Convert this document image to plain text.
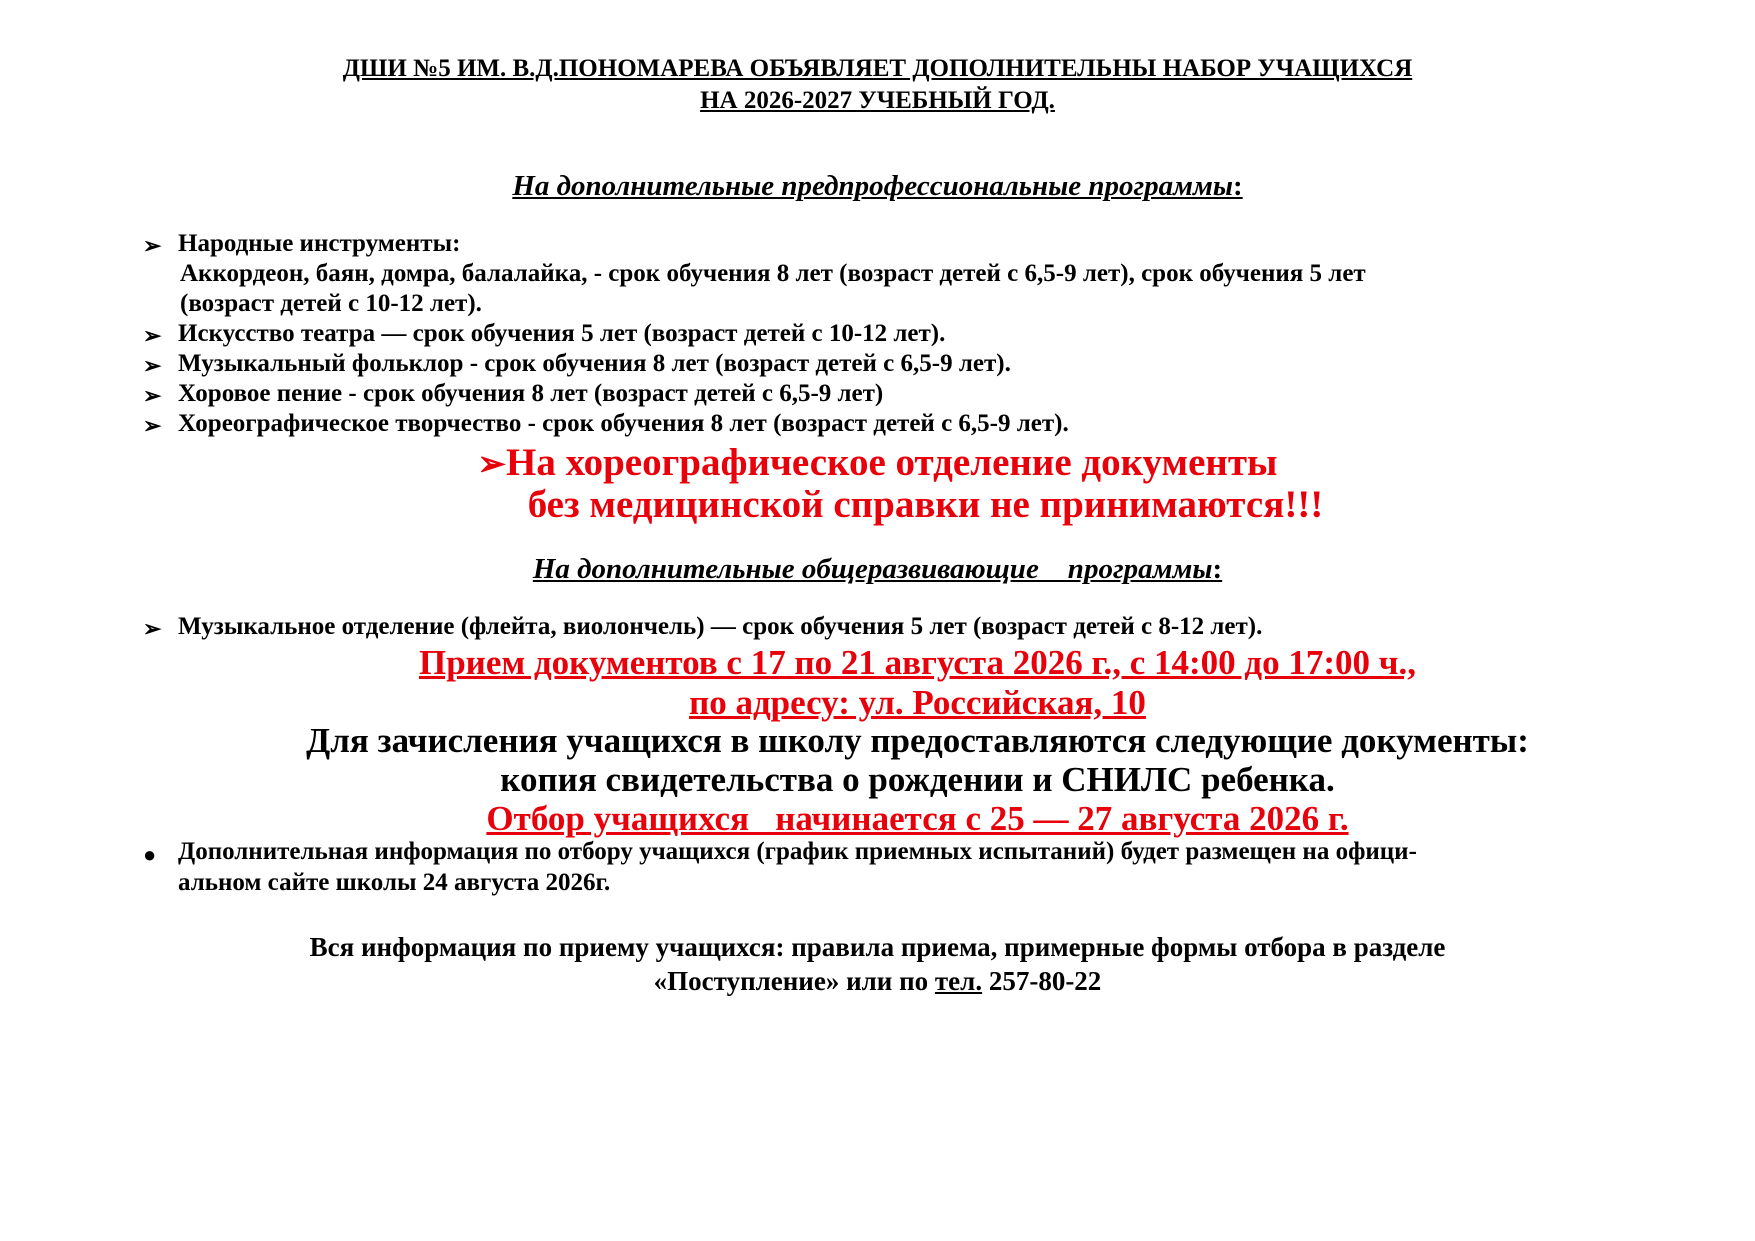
ДШИ №5 ИМ. В.Д.ПОНОМАРЕВА ОБЪЯВЛЯЕТ ДОПОЛНИТЕЛЬНЫ НАБОР УЧАЩИХСЯ
НА 2026-2027 УЧЕБНЫЙ ГОД.
На дополнительные предпрофессиональные программы:
➢ Народные инструменты:
Аккордеон, баян, домра, балалайка, - срок обучения 8 лет (возраст детей с 6,5-9 лет), срок обучения 5 лет
(возраст детей с 10-12 лет).
➢ Искусство театра — срок обучения 5 лет (возраст детей с 10-12 лет).
➢ Музыкальный фольклор - срок обучения 8 лет (возраст детей с 6,5-9 лет).
➢ Хоровое пение - срок обучения 8 лет (возраст детей с 6,5-9 лет)
➢ Хореографическое творчество - срок обучения 8 лет (возраст детей с 6,5-9 лет).
➢На хореографическое отделение документы
без медицинской справки не принимаются!!!
На дополнительные общеразвивающие    программы:
➢ Музыкальное отделение (флейта, виолончель) — срок обучения 5 лет (возраст детей с 8-12 лет).
Прием документов с 17 по 21 августа 2026 г., с 14:00 до 17:00 ч.,
по адресу: ул. Российская, 10
Для зачисления учащихся в школу предоставляются следующие документы:
копия свидетельства о рождении и СНИЛС ребенка.
Отбор учащихся   начинается с 25 — 27 августа 2026 г.
● Дополнительная информация по отбору учащихся (график приемных испытаний) будет размещен на офици-
альном сайте школы 24 августа 2026г.
Вся информация по приему учащихся: правила приема, примерные формы отбора в разделе
«Поступление» или по тел. 257-80-22
